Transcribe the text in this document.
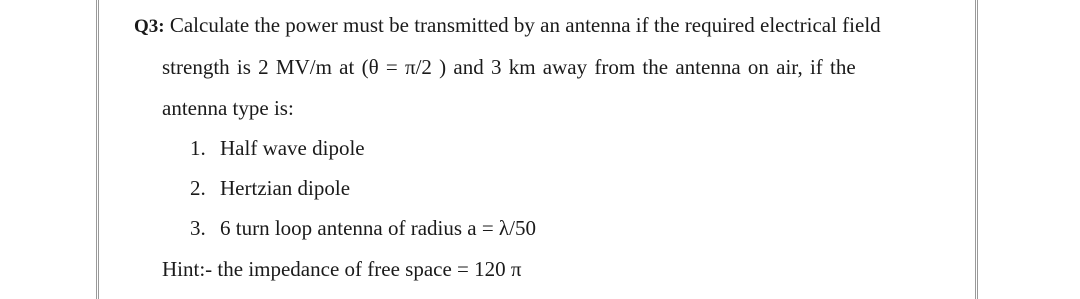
Q3: Calculate the power must be transmitted by an antenna if the required electrical field
strength is 2 MV/m at (θ = π/2 ) and 3 km away from the antenna on air, if the
antenna type is:
1. Half wave dipole
2. Hertzian dipole
3. 6 turn loop antenna of radius a = λ/50
Hint:- the impedance of free space = 120 π
